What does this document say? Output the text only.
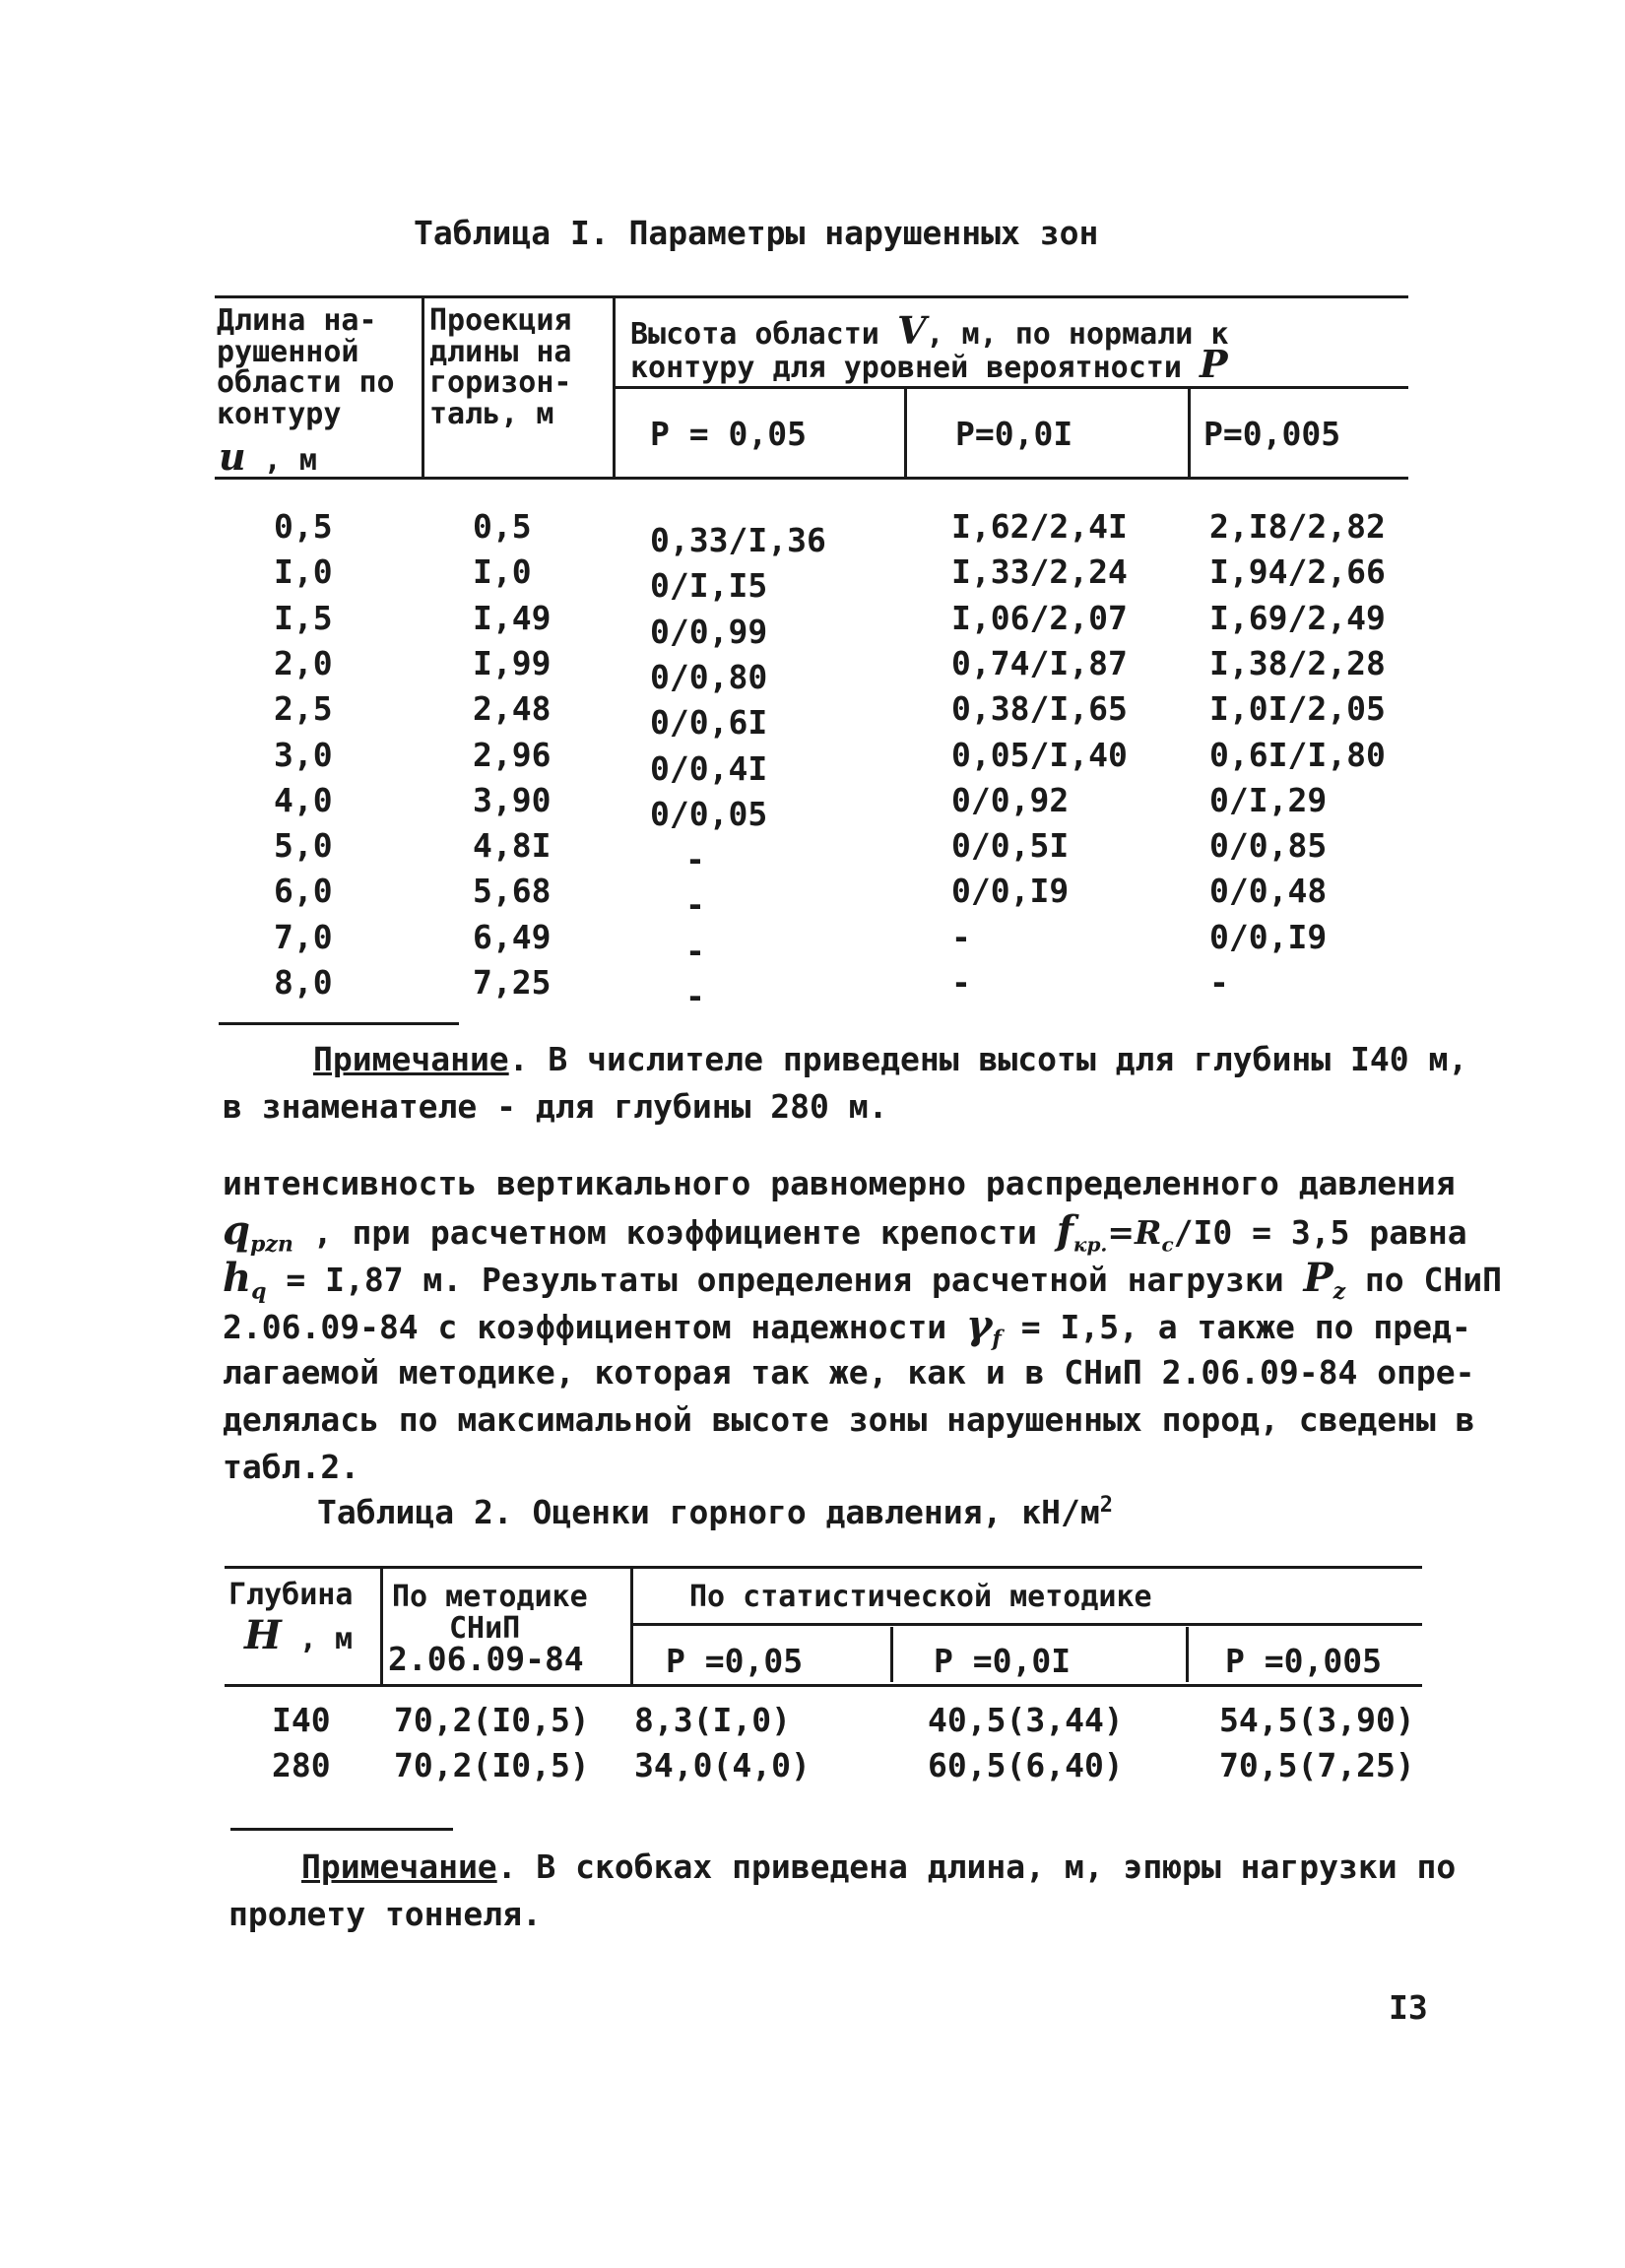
Таблица I. Параметры нарушенных зон
Длина на-рушенной области по контуру
u , м
Проекция длины на горизон-таль, м
Высота области V, м, по нормали к
контуру для уровней вероятности P
P = 0,05	P=0,0I	P=0,005
0,5	0,5	0,33/I,36	I,62/2,4I	2,I8/2,82
I,0	I,0	0/I,I5	I,33/2,24	I,94/2,66
I,5	I,49	0/0,99	I,06/2,07	I,69/2,49
2,0	I,99	0/0,80	0,74/I,87	I,38/2,28
2,5	2,48	0/0,6I	0,38/I,65	I,0I/2,05
3,0	2,96	0/0,4I	0,05/I,40	0,6I/I,80
4,0	3,90	0/0,05	0/0,92	0/I,29
5,0	4,8I	-	0/0,5I	0/0,85
6,0	5,68	-	0/0,I9	0/0,48
7,0	6,49	-	-	0/0,I9
8,0	7,25	-	-	-
Примечание. В числителе приведены высоты для глубины I40 м,
в знаменателе - для глубины 280 м.
интенсивность вертикального равномерно распределенного давления
$q_{pzn}$ , при расчетном коэффициенте крепости $f_{кр.}=R_c/I0 = 3,5$ равна
$h_q = I,87$ м. Результаты определения расчетной нагрузки $P_z$ по СНиП
2.06.09-84 с коэффициентом надежности $\gamma_f = I,5$, а также по пред-
лагаемой методике, которая так же, как и в СНиП 2.06.09-84 опре-
делялась по максимальной высоте зоны нарушенных пород, сведены в
табл.2.
Таблица 2. Оценки горного давления, $кН/м^2$
Глубина
H , м
По методике
СНиП
2.06.09-84
По статистической методике
P =0,05	P =0,0I	P =0,005
I40 70,2(I0,5) 8,3(I,0)	40,5(3,44)	54,5(3,90)
280 70,2(I0,5) 34,0(4,0)	60,5(6,40)	70,5(7,25)
Примечание. В скобках приведена длина, м, эпюры нагрузки по
пролету тоннеля.
I3
